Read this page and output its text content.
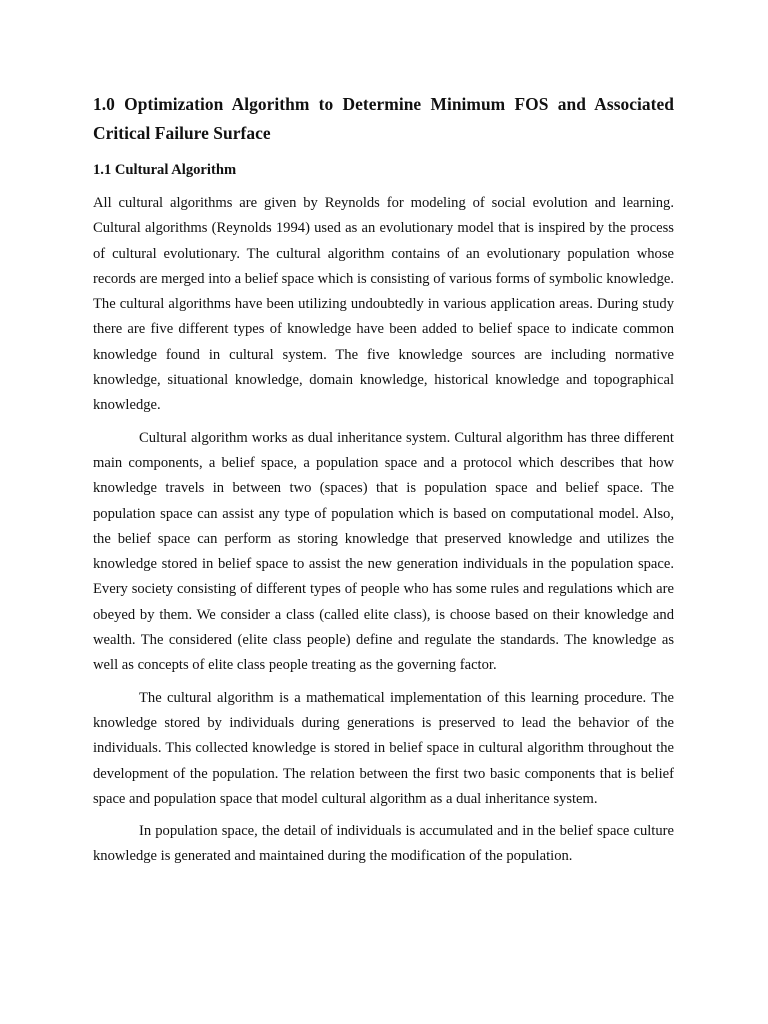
1.0 Optimization Algorithm to Determine Minimum FOS and Associated Critical Failure Surface
1.1 Cultural Algorithm

All cultural algorithms are given by Reynolds for modeling of social evolution and learning. Cultural algorithms (Reynolds 1994) used as an evolutionary model that is inspired by the process of cultural evolutionary. The cultural algorithm contains of an evolutionary population whose records are merged into a belief space which is consisting of various forms of symbolic knowledge. The cultural algorithms have been utilizing undoubtedly in various application areas. During study there are five different types of knowledge have been added to belief space to indicate common knowledge found in cultural system. The five knowledge sources are including normative knowledge, situational knowledge, domain knowledge, historical knowledge and topographical knowledge.

Cultural algorithm works as dual inheritance system. Cultural algorithm has three different main components, a belief space, a population space and a protocol which describes that how knowledge travels in between two (spaces) that is population space and belief space. The population space can assist any type of population which is based on computational model. Also, the belief space can perform as storing knowledge that preserved knowledge and utilizes the knowledge stored in belief space to assist the new generation individuals in the population space. Every society consisting of different types of people who has some rules and regulations which are obeyed by them. We consider a class (called elite class), is choose based on their knowledge and wealth. The considered (elite class people) define and regulate the standards. The knowledge as well as concepts of elite class people treating as the governing factor.

The cultural algorithm is a mathematical implementation of this learning procedure. The knowledge stored by individuals during generations is preserved to lead the behavior of the individuals. This collected knowledge is stored in belief space in cultural algorithm throughout the development of the population. The relation between the first two basic components that is belief space and population space that model cultural algorithm as a dual inheritance system.

In population space, the detail of individuals is accumulated and in the belief space culture knowledge is generated and maintained during the modification of the population.
